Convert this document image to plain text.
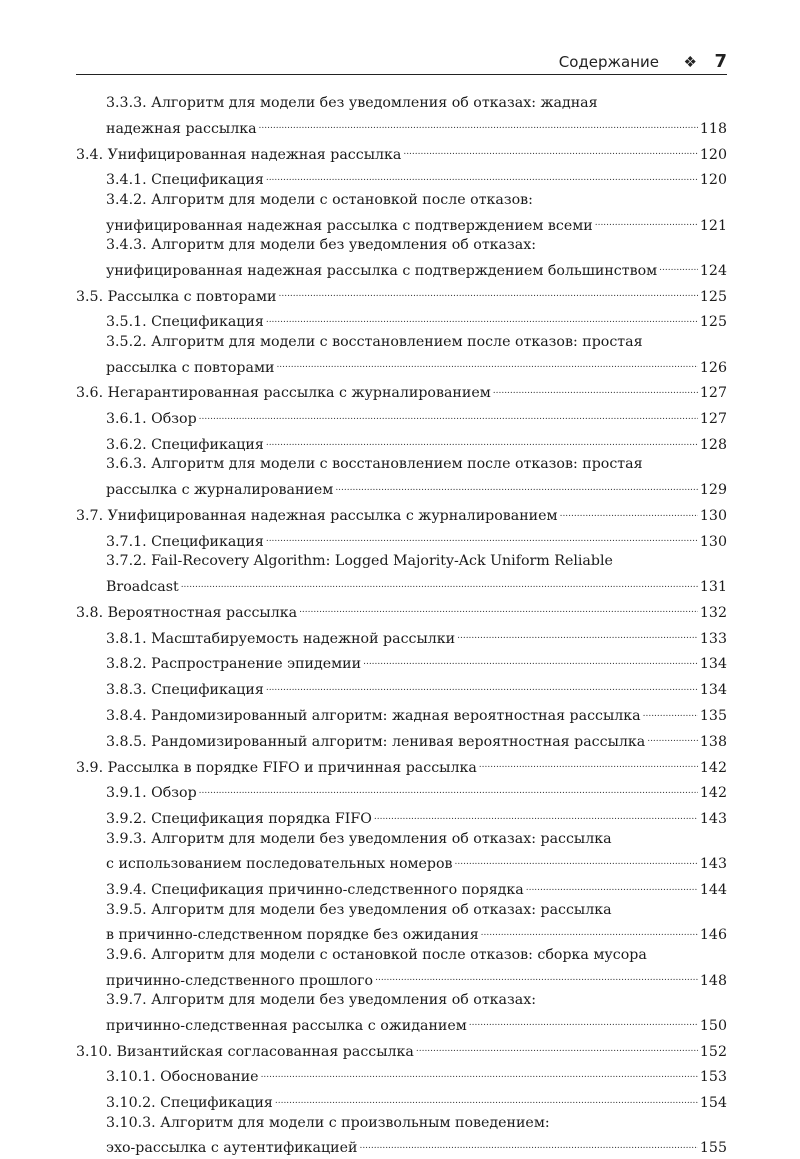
Содержание ❖ 7
3.3.3. Алгоритм для модели без уведомления об отказах: жадная
надежная рассылка .....	118
3.4. Унифицированная надежная рассылка .....	120
3.4.1. Спецификация .....	120
3.4.2. Алгоритм для модели с остановкой после отказов:
унифицированная надежная рассылка с подтверждением всеми .....	121
3.4.3. Алгоритм для модели без уведомления об отказах:
унифицированная надежная рассылка с подтверждением большинством .....	124
3.5. Рассылка с повторами .....	125
3.5.1. Спецификация .....	125
3.5.2. Алгоритм для модели с восстановлением после отказов: простая
рассылка с повторами .....	126
3.6. Негарантированная рассылка с журналированием .....	127
3.6.1. Обзор .....	127
3.6.2. Спецификация .....	128
3.6.3. Алгоритм для модели с восстановлением после отказов: простая
рассылка с журналированием .....	129
3.7. Унифицированная надежная рассылка с журналированием .....	130
3.7.1. Спецификация .....	130
3.7.2. Fail-Recovery Algorithm: Logged Majority-Ack Uniform Reliable
Broadcast .....	131
3.8. Вероятностная рассылка .....	132
3.8.1. Масштабируемость надежной рассылки .....	133
3.8.2. Распространение эпидемии .....	134
3.8.3. Спецификация .....	134
3.8.4. Рандомизированный алгоритм: жадная вероятностная рассылка .....	135
3.8.5. Рандомизированный алгоритм: ленивая вероятностная рассылка .....	138
3.9. Рассылка в порядке FIFO и причинная рассылка .....	142
3.9.1. Обзор .....	142
3.9.2. Спецификация порядка FIFO .....	143
3.9.3. Алгоритм для модели без уведомления об отказах: рассылка
с использованием последовательных номеров .....	143
3.9.4. Спецификация причинно-следственного порядка .....	144
3.9.5. Алгоритм для модели без уведомления об отказах: рассылка
в причинно-следственном порядке без ожидания .....	146
3.9.6. Алгоритм для модели с остановкой после отказов: сборка мусора
причинно-следственного прошлого .....	148
3.9.7. Алгоритм для модели без уведомления об отказах:
причинно-следственная рассылка с ожиданием .....	150
3.10. Византийская согласованная рассылка .....	152
3.10.1. Обоснование .....	153
3.10.2. Спецификация .....	154
3.10.3. Алгоритм для модели с произвольным поведением:
эхо-рассылка с аутентификацией .....	155
